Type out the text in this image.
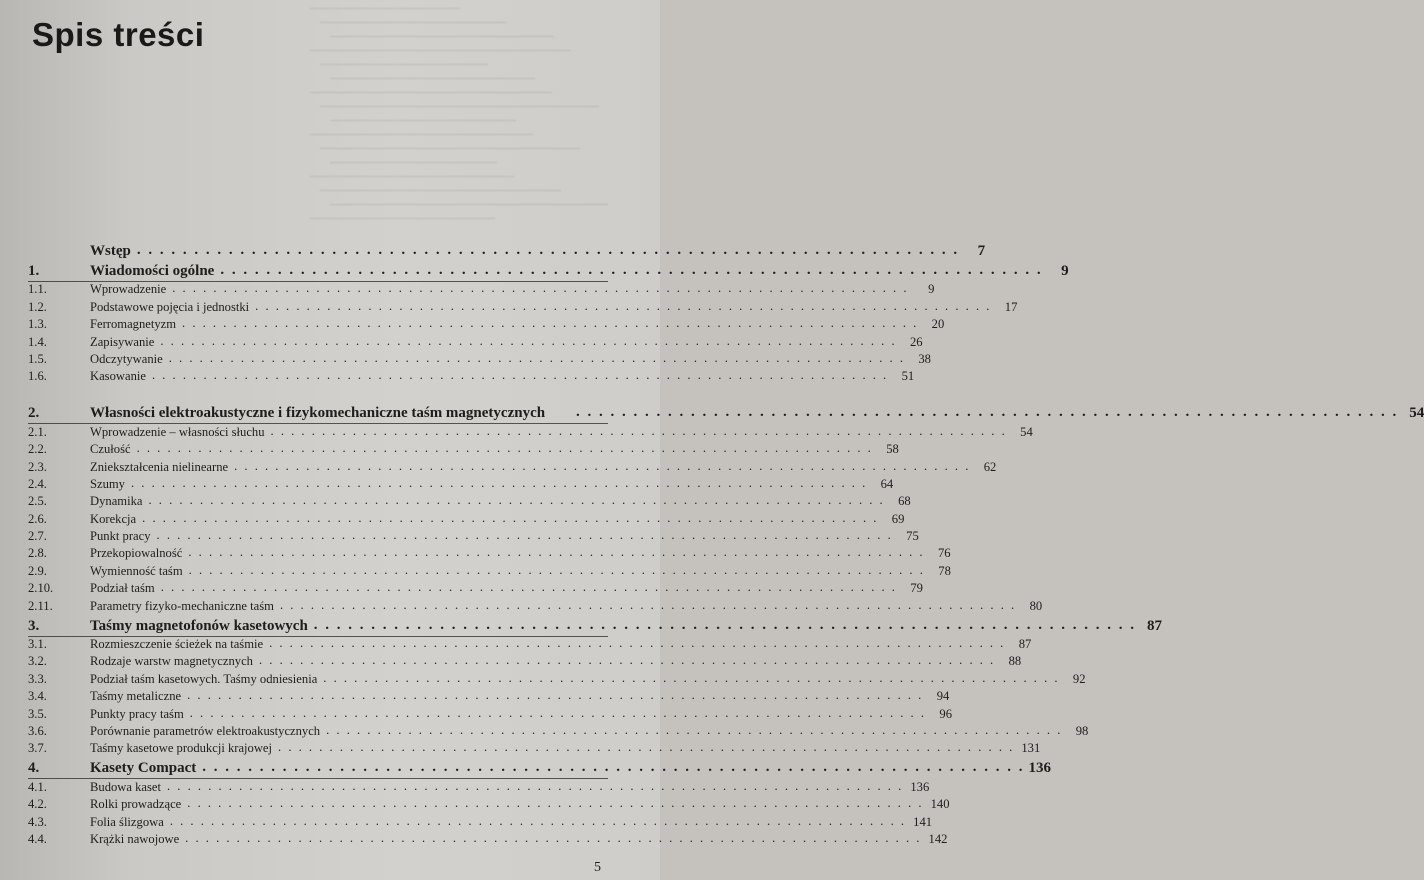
Spis treści
Wstęp . . . . . . . . . . . . . . . . . . . . . . . . . . . . . . . . . . . . . . . . . . . . . . . . . . . . . . . . . . . . . . . . . . . . . . . .	7
1.	Wiadomości ogólne . . . . . . . . . . . . . . . . . . . . . . . . . . . . . . . . . . . . . . . . . . . . . . . . . . . . . . . . . . . . . . . . . . . . . . . .	9
1.1.	Wprowadzenie . . . . . . . . . . . . . . . . . . . . . . . . . . . . . . . . . . . . . . . . . . . . . . . . . . . . . . . . . . . . . . . . . . . . . . . .	9
1.2.	Podstawowe pojęcia i jednostki . . . . . . . . . . . . . . . . . . . . . . . . . . . . . . . . . . . . . . . . . . . . . . . . . . . . . . . . . . . . . . . . . . . . . . . .	17
1.3.	Ferromagnetyzm . . . . . . . . . . . . . . . . . . . . . . . . . . . . . . . . . . . . . . . . . . . . . . . . . . . . . . . . . . . . . . . . . . . . . . . .	20
1.4.	Zapisywanie . . . . . . . . . . . . . . . . . . . . . . . . . . . . . . . . . . . . . . . . . . . . . . . . . . . . . . . . . . . . . . . . . . . . . . . .	26
1.5.	Odczytywanie . . . . . . . . . . . . . . . . . . . . . . . . . . . . . . . . . . . . . . . . . . . . . . . . . . . . . . . . . . . . . . . . . . . . . . . .	38
1.6.	Kasowanie . . . . . . . . . . . . . . . . . . . . . . . . . . . . . . . . . . . . . . . . . . . . . . . . . . . . . . . . . . . . . . . . . . . . . . . .	51
2.	Własności elektroakustyczne i fizykomechaniczne taśm magnetycznych	. . . . . . . . . . . . . . . . . . . . . . . . . . . . . . . . . . . . . . . . . . . . . . . . . . . . . . . . . . . . . . . . . . . . . . . . 54
2.1.	Wprowadzenie – własności słuchu . . . . . . . . . . . . . . . . . . . . . . . . . . . . . . . . . . . . . . . . . . . . . . . . . . . . . . . . . . . . . . . . . . . . . . . .	54
2.2.	Czułość . . . . . . . . . . . . . . . . . . . . . . . . . . . . . . . . . . . . . . . . . . . . . . . . . . . . . . . . . . . . . . . . . . . . . . . .	58
2.3.	Zniekształcenia nielinearne . . . . . . . . . . . . . . . . . . . . . . . . . . . . . . . . . . . . . . . . . . . . . . . . . . . . . . . . . . . . . . . . . . . . . . . .	62
2.4.	Szumy . . . . . . . . . . . . . . . . . . . . . . . . . . . . . . . . . . . . . . . . . . . . . . . . . . . . . . . . . . . . . . . . . . . . . . . .	64
2.5.	Dynamika . . . . . . . . . . . . . . . . . . . . . . . . . . . . . . . . . . . . . . . . . . . . . . . . . . . . . . . . . . . . . . . . . . . . . . . .	68
2.6.	Korekcja . . . . . . . . . . . . . . . . . . . . . . . . . . . . . . . . . . . . . . . . . . . . . . . . . . . . . . . . . . . . . . . . . . . . . . . .	69
2.7.	Punkt pracy . . . . . . . . . . . . . . . . . . . . . . . . . . . . . . . . . . . . . . . . . . . . . . . . . . . . . . . . . . . . . . . . . . . . . . . .	75
2.8.	Przekopiowalność . . . . . . . . . . . . . . . . . . . . . . . . . . . . . . . . . . . . . . . . . . . . . . . . . . . . . . . . . . . . . . . . . . . . . . . .	76
2.9.	Wymienność taśm . . . . . . . . . . . . . . . . . . . . . . . . . . . . . . . . . . . . . . . . . . . . . . . . . . . . . . . . . . . . . . . . . . . . . . . .	78
2.10.	Podział taśm . . . . . . . . . . . . . . . . . . . . . . . . . . . . . . . . . . . . . . . . . . . . . . . . . . . . . . . . . . . . . . . . . . . . . . . .	79
2.11.	Parametry fizyko-mechaniczne taśm . . . . . . . . . . . . . . . . . . . . . . . . . . . . . . . . . . . . . . . . . . . . . . . . . . . . . . . . . . . . . . . . . . . . . . . .	80
3.	Taśmy magnetofonów kasetowych . . . . . . . . . . . . . . . . . . . . . . . . . . . . . . . . . . . . . . . . . . . . . . . . . . . . . . . . . . . . . . . . . . . . . . . . 87
3.1.	Rozmieszczenie ścieżek na taśmie . . . . . . . . . . . . . . . . . . . . . . . . . . . . . . . . . . . . . . . . . . . . . . . . . . . . . . . . . . . . . . . . . . . . . . . .	87
3.2.	Rodzaje warstw magnetycznych . . . . . . . . . . . . . . . . . . . . . . . . . . . . . . . . . . . . . . . . . . . . . . . . . . . . . . . . . . . . . . . . . . . . . . . .	88
3.3.	Podział taśm kasetowych. Taśmy odniesienia . . . . . . . . . . . . . . . . . . . . . . . . . . . . . . . . . . . . . . . . . . . . . . . . . . . . . . . . . . . . . . . . . . . . . . . .	92
3.4.	Taśmy metaliczne . . . . . . . . . . . . . . . . . . . . . . . . . . . . . . . . . . . . . . . . . . . . . . . . . . . . . . . . . . . . . . . . . . . . . . . .	94
3.5.	Punkty pracy taśm . . . . . . . . . . . . . . . . . . . . . . . . . . . . . . . . . . . . . . . . . . . . . . . . . . . . . . . . . . . . . . . . . . . . . . . .	96
3.6.	Porównanie parametrów elektroakustycznych . . . . . . . . . . . . . . . . . . . . . . . . . . . . . . . . . . . . . . . . . . . . . . . . . . . . . . . . . . . . . . . . . . . . . . . .	98
3.7.	Taśmy kasetowe produkcji krajowej . . . . . . . . . . . . . . . . . . . . . . . . . . . . . . . . . . . . . . . . . . . . . . . . . . . . . . . . . . . . . . . . . . . . . . . . 131
4.	Kasety Compact . . . . . . . . . . . . . . . . . . . . . . . . . . . . . . . . . . . . . . . . . . . . . . . . . . . . . . . . . . . . . . . . . . . . . . . . 136
4.1.	Budowa kaset . . . . . . . . . . . . . . . . . . . . . . . . . . . . . . . . . . . . . . . . . . . . . . . . . . . . . . . . . . . . . . . . . . . . . . . . 136
4.2.	Rolki prowadzące . . . . . . . . . . . . . . . . . . . . . . . . . . . . . . . . . . . . . . . . . . . . . . . . . . . . . . . . . . . . . . . . . . . . . . . . 140
4.3.	Folia ślizgowa . . . . . . . . . . . . . . . . . . . . . . . . . . . . . . . . . . . . . . . . . . . . . . . . . . . . . . . . . . . . . . . . . . . . . . . . 141
4.4.	Krążki nawojowe . . . . . . . . . . . . . . . . . . . . . . . . . . . . . . . . . . . . . . . . . . . . . . . . . . . . . . . . . . . . . . . . . . . . . . . . 142
5
